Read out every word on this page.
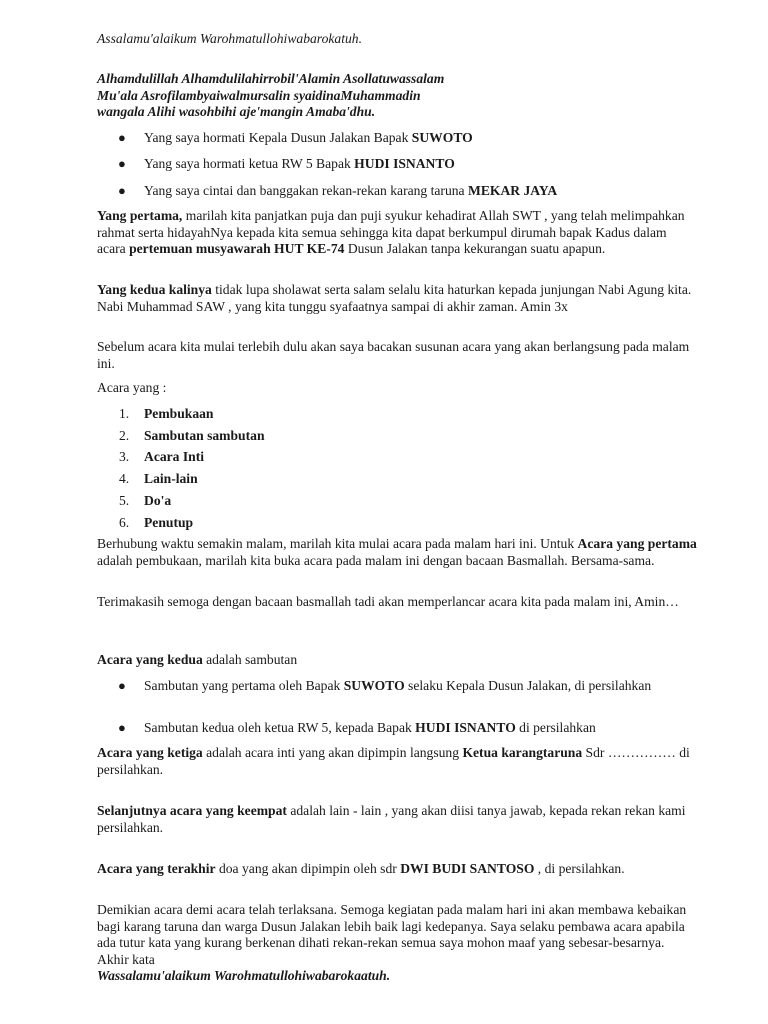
Assalamu'alaikum Warohmatullohiwabarokatuh.

Alhamdulillah Alhamdulilahirrobil'Alamin Asollatuwassalam
Mu'ala Asrofilambyaiwalmursalin syaidinaMuhammadin
wangala Alihi wasohbihi aje'mangin Amaba'dhu.
● Yang saya hormati Kepala Dusun Jalakan Bapak SUWOTO
● Yang saya hormati ketua RW 5 Bapak HUDI ISNANTO
● Yang saya cintai dan banggakan rekan-rekan karang taruna MEKAR JAYA

Yang pertama, marilah kita panjatkan puja dan puji syukur kehadirat Allah SWT , yang telah melimpahkan rahmat serta hidayahNya kepada kita semua sehingga kita dapat berkumpul dirumah bapak Kadus dalam acara pertemuan musyawarah HUT KE-74 Dusun Jalakan tanpa kekurangan suatu apapun.

Yang kedua kalinya tidak lupa sholawat serta salam selalu kita haturkan kepada junjungan Nabi Agung kita. Nabi Muhammad SAW , yang kita tunggu syafaatnya sampai di akhir zaman. Amin 3x

Sebelum acara kita mulai terlebih dulu akan saya bacakan susunan acara yang akan berlangsung pada malam ini.

Acara yang :

1. Pembukaan
2. Sambutan sambutan
3. Acara Inti
4. Lain-lain
5. Do'a
6. Penutup

Berhubung waktu semakin malam, marilah kita mulai acara pada malam hari ini. Untuk Acara yang pertama adalah pembukaan, marilah kita buka acara pada malam ini dengan bacaan Basmallah. Bersama-sama.

Terimakasih semoga dengan bacaan basmallah tadi akan memperlancar acara kita pada malam ini, Amin…

Acara yang kedua adalah sambutan

● Sambutan yang pertama oleh Bapak SUWOTO selaku Kepala Dusun Jalakan, di persilahkan
● Sambutan kedua oleh ketua RW 5, kepada Bapak HUDI ISNANTO di persilahkan

Acara yang ketiga adalah acara inti yang akan dipimpin langsung Ketua karangtaruna Sdr …………… di persilahkan.

Selanjutnya acara yang keempat adalah lain - lain , yang akan diisi tanya jawab, kepada rekan rekan kami persilahkan.

Acara yang terakhir doa yang akan dipimpin oleh sdr DWI BUDI SANTOSO , di persilahkan.

Demikian acara demi acara telah terlaksana. Semoga kegiatan pada malam hari ini akan membawa kebaikan bagi karang taruna dan warga Dusun Jalakan lebih baik lagi kedepanya. Saya selaku pembawa acara apabila ada tutur kata yang kurang berkenan dihati rekan-rekan semua saya mohon maaf yang sebesar-besarnya. Akhir kata

Wassalamu'alaikum Warohmatullohiwabarokaatuh.
